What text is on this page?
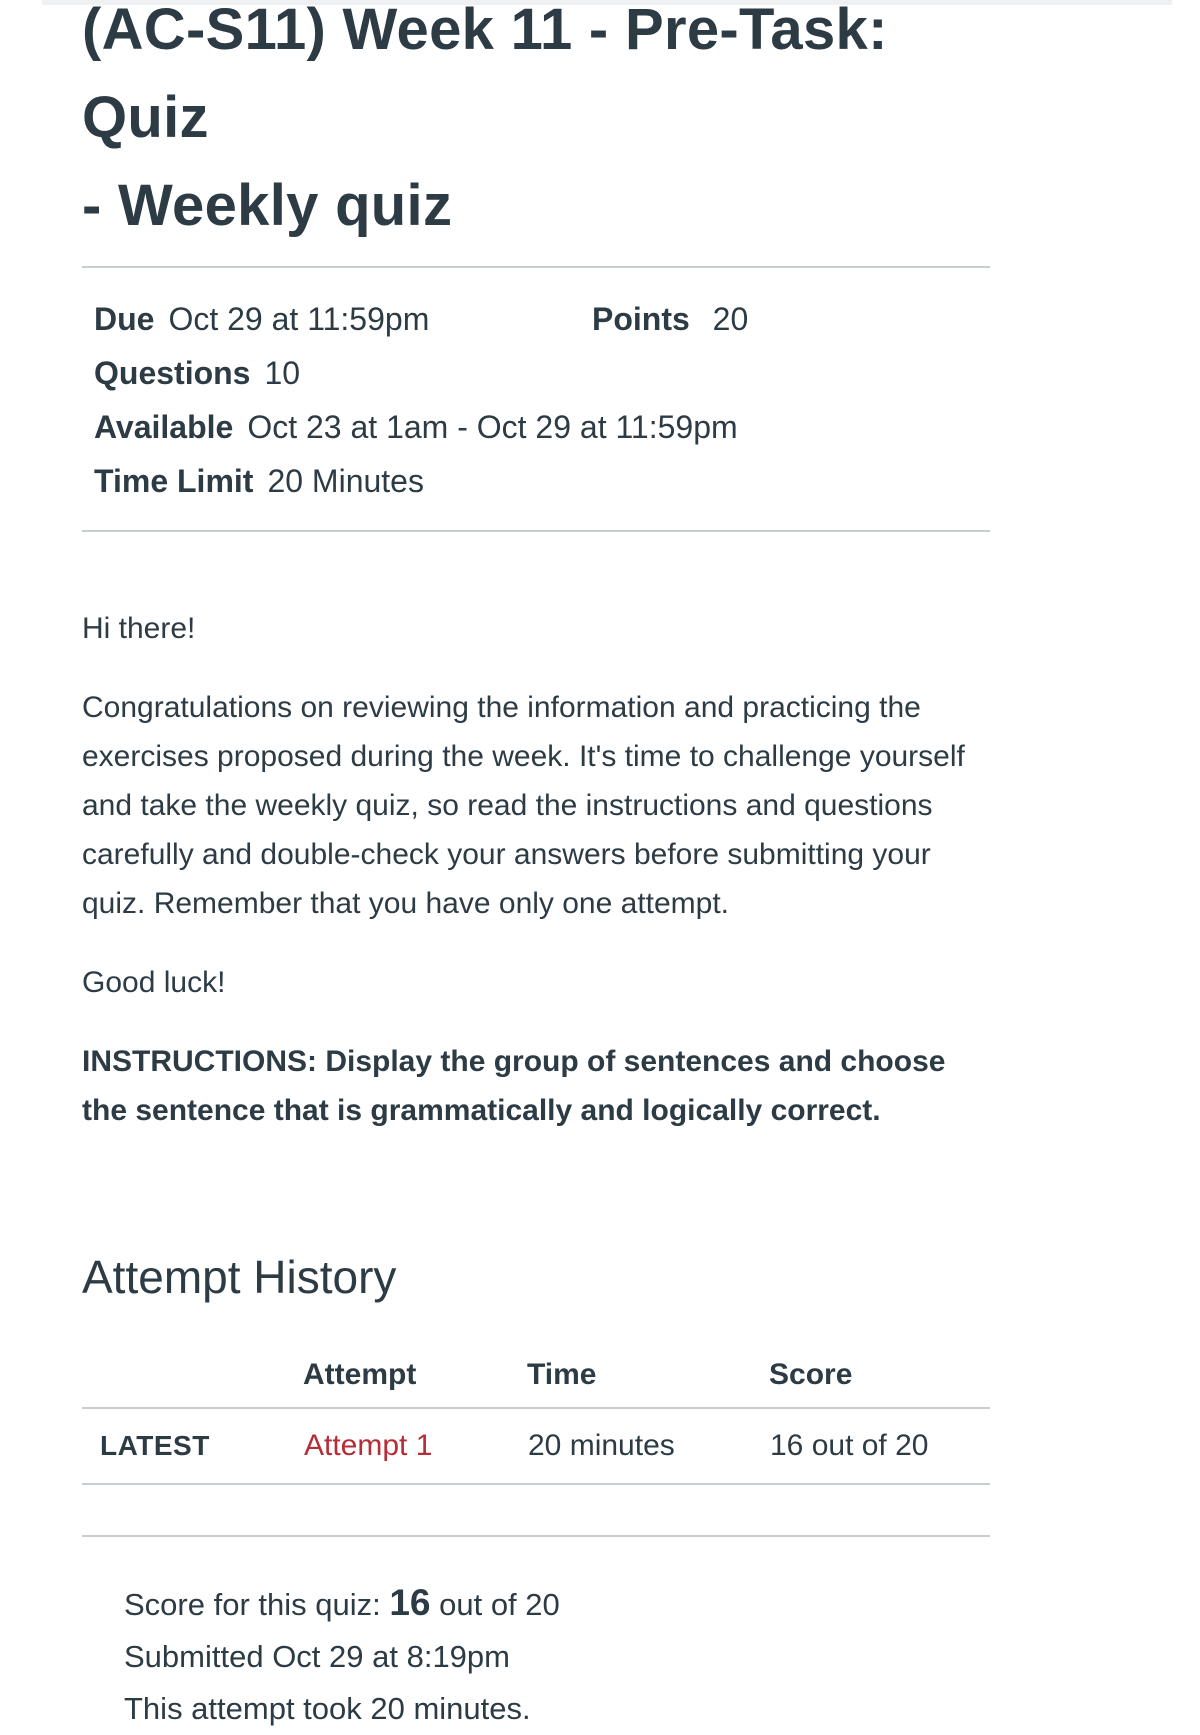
(AC-S11) Week 11 - Pre-Task: Quiz
- Weekly quiz
Due Oct 29 at 11:59pm	Points 20
Questions 10
Available Oct 23 at 1am - Oct 29 at 11:59pm
Time Limit 20 Minutes

Hi there!

Congratulations on reviewing the information and practicing the exercises proposed during the week. It's time to challenge yourself and take the weekly quiz, so read the instructions and questions carefully and double-check your answers before submitting your quiz. Remember that you have only one attempt.

Good luck!

INSTRUCTIONS: Display the group of sentences and choose the sentence that is grammatically and logically correct.

Attempt History
	Attempt	Time	Score
LATEST	Attempt 1	20 minutes	16 out of 20
Score for this quiz: 16 out of 20
Submitted Oct 29 at 8:19pm
This attempt took 20 minutes.
